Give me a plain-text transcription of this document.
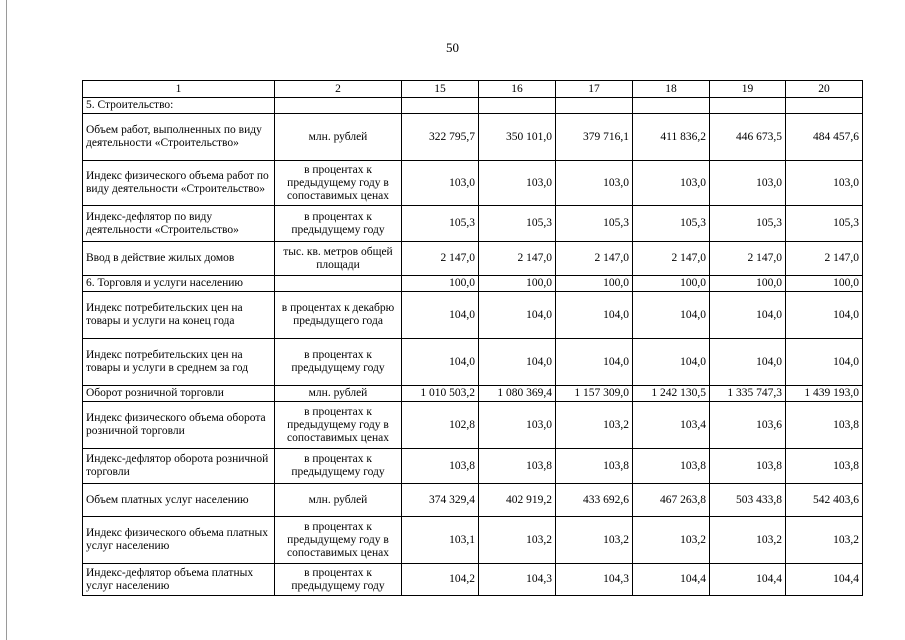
50
1	2	15	16	17	18	19	20
5. Строительство:							
Объем работ, выполненных по виду деятельности «Строительство»	млн. рублей	322 795,7	350 101,0	379 716,1	411 836,2	446 673,5	484 457,6
Индекс физического объема работ по виду деятельности «Строительство»	в процентах к предыдущему году в сопоставимых ценах	103,0	103,0	103,0	103,0	103,0	103,0
Индекс-дефлятор по виду деятельности «Строительство»	в процентах к предыдущему году	105,3	105,3	105,3	105,3	105,3	105,3
Ввод в действие жилых домов	тыс. кв. метров общей площади	2 147,0	2 147,0	2 147,0	2 147,0	2 147,0	2 147,0
6. Торговля и услуги населению		100,0	100,0	100,0	100,0	100,0	100,0
Индекс потребительских цен на товары и услуги на конец года	в процентах к декабрю предыдущего года	104,0	104,0	104,0	104,0	104,0	104,0
Индекс потребительских цен на товары и услуги в среднем за год	в процентах к предыдущему году	104,0	104,0	104,0	104,0	104,0	104,0
Оборот розничной торговли	млн. рублей	1 010 503,2	1 080 369,4	1 157 309,0	1 242 130,5	1 335 747,3	1 439 193,0
Индекс физического объема оборота розничной торговли	в процентах к предыдущему году в сопоставимых ценах	102,8	103,0	103,2	103,4	103,6	103,8
Индекс-дефлятор оборота розничной торговли	в процентах к предыдущему году	103,8	103,8	103,8	103,8	103,8	103,8
Объем платных услуг населению	млн. рублей	374 329,4	402 919,2	433 692,6	467 263,8	503 433,8	542 403,6
Индекс физического объема платных услуг населению	в процентах к предыдущему году в сопоставимых ценах	103,1	103,2	103,2	103,2	103,2	103,2
Индекс-дефлятор объема платных услуг населению	в процентах к предыдущему году	104,2	104,3	104,3	104,4	104,4	104,4
